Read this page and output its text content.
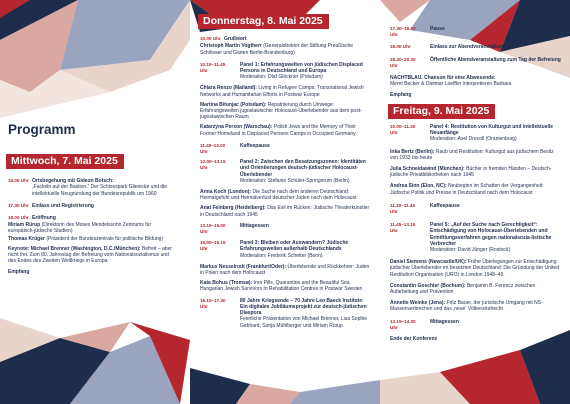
Programm
Mittwoch, 7. Mai 2025
16.00 Uhr Ortsbegehung mit Gideon Botsch:
„Fackeln auf der Bastion.“ Der Schlosspark Glienicke und die intellektuelle Neugründung der Bundesrepublik um 1960
17.30 Uhr Einlass und Registrierung
18.00 Uhr Eröffnung
Miriam Rürup (Direktorin des Moses Mendelssohn Zentrums für europäisch-jüdische Studien)
Thomas Krüger (Präsident der Bundeszentrale für politische Bildung)
Keynote: Michael Brenner (Washington, D.C./München): Befreit – aber nicht frei. Zum 80. Jahrestag der Befreiung vom Nationalsozialismus und des Endes des Zweiten Weltkriegs in Europa
Empfang
Donnerstag, 8. Mai 2025
10.00 Uhr Grußwort
Christoph Martin Vogtherr (Generaldirektor der Stiftung Preußische Schlösser und Gärten Berlin-Brandenburg)
10.15–11.45 Uhr
Panel 1: Erfahrungswelten von jüdischen Displaced Persons in Deutschland und Europa
Moderation: Olaf Glöckner (Potsdam)
Chiara Renzo (Mailand): Living in Refugee Camps: Transnational Jewish Networks and Humanitarian Efforts in Postwar Europe
Martina Bitunjac (Potsdam): Repatriierung durch Umwege: Erfahrungswelten jugoslawischer Holocaust-Überlebender aus dem post-jugoslawischen Raum
Katarzyna Person (Warschau): Polish Jews and the Memory of Their Former Homeland in Displaced Persons Camps in Occupied Germany
11.45–12.00 Uhr
Kaffeepause
12.00–13.15 Uhr
Panel 2: Zwischen den Besatzungszonen: Identitäten und Orientierungen deutsch-jüdischer Holocaust-Überlebender
Moderation: Stefanie Schüler-Springorum (Berlin)
Anna Koch (London): Die Suche nach dem anderen Deutschland: Heimatgefühl und Heimatverlust deutscher Juden nach dem Holocaust
Anat Feinberg (Heidelberg): Das Exil im Rücken: Jüdische Theaterkünstler in Deutschland nach 1945
13.15–15.00 Uhr
Mittagessen
15.00–16.15 Uhr
Panel 3: Bleiben oder Auswandern? Jüdische Erfahrungswelten außerhalb Deutschlands
Moderation: Frederik Schetter (Bonn)
Markus Nesselrodt (Frankfurt/Oder): Überlebende und Rückkehrer: Juden in Polen nach dem Holocaust
Kata Bohus (Tromsø): Iron Pills, Quarantine and the Beautiful Sea. Hungarian Jewish Survivors In Rehabilitation Centres in Postwar Sweden
16.15–17.30 Uhr
80 Jahre Kriegsende – 70 Jahre Leo Baeck Institute: Ein digitales Jubiläumsprojekt zur deutsch-jüdischen Diaspora
Feierliche Präsentation von Michael Brenner, Lisa Sophie Gebhard, Sonja Mühlberger und Miriam Rürup
17.30–18.00 Uhr
Pause
18.00 Uhr	Einlass zur Abendveranstaltung
18.30–20.30 Uhr
Öffentliche Abendveranstaltung zum Tag der Befreiung
NACHTBLAU. Chanson für eine Abwesende:
Meret Becker & Dietmar Loeffler interpretieren Barbara
Empfang
Freitag, 9. Mai 2025
10.00–11.30 Uhr
Panel 4: Restitution von Kulturgut und intellektuelle Neuanfänge
Moderation: Axel Drecoll (Oranienburg)
Inka Bertz (Berlin): Raub und Restitution: Kulturgut aus jüdischem Besitz von 1933 bis heute
Julia Schneidawind (München): Bücher in fremden Händen – Deutsch-jüdische Privatbibliotheken nach 1945
Andrea Sinn (Elon, NC): Neubeginn im Schatten der Vergangenheit: Jüdische Politik und Presse in Deutschland nach dem Holocaust
11.30–11.45 Uhr
Kaffeepause
11.45–13.15 Uhr
Panel 5: „Auf der Suche nach Gerechtigkeit“: Entschädigung von Holocaust-Überlebenden und Ermittlungsverfahren gegen nationalsozia-listische Verbrecher
Moderation: David Jünger (Rostock)
Daniel Siemens (Newcastle/UK): Frühe Überlegungen zur Entschädigung jüdischer Überlebender im besetzten Deutschland: Die Gründung der United Restitution Organisation (URO) in London 1948–49
Constantin Goschler (Bochum): Benjamin B. Ferencz zwischen Aufarbeitung und Prävention
Annette Weinke (Jena): Fritz Bauer, der juristische Umgang mit NS-Massenverbrechen und das ‚neue‘ Völkerstrafrecht
13.15–14.30 Uhr
Mittagessen
Ende der Konferenz
